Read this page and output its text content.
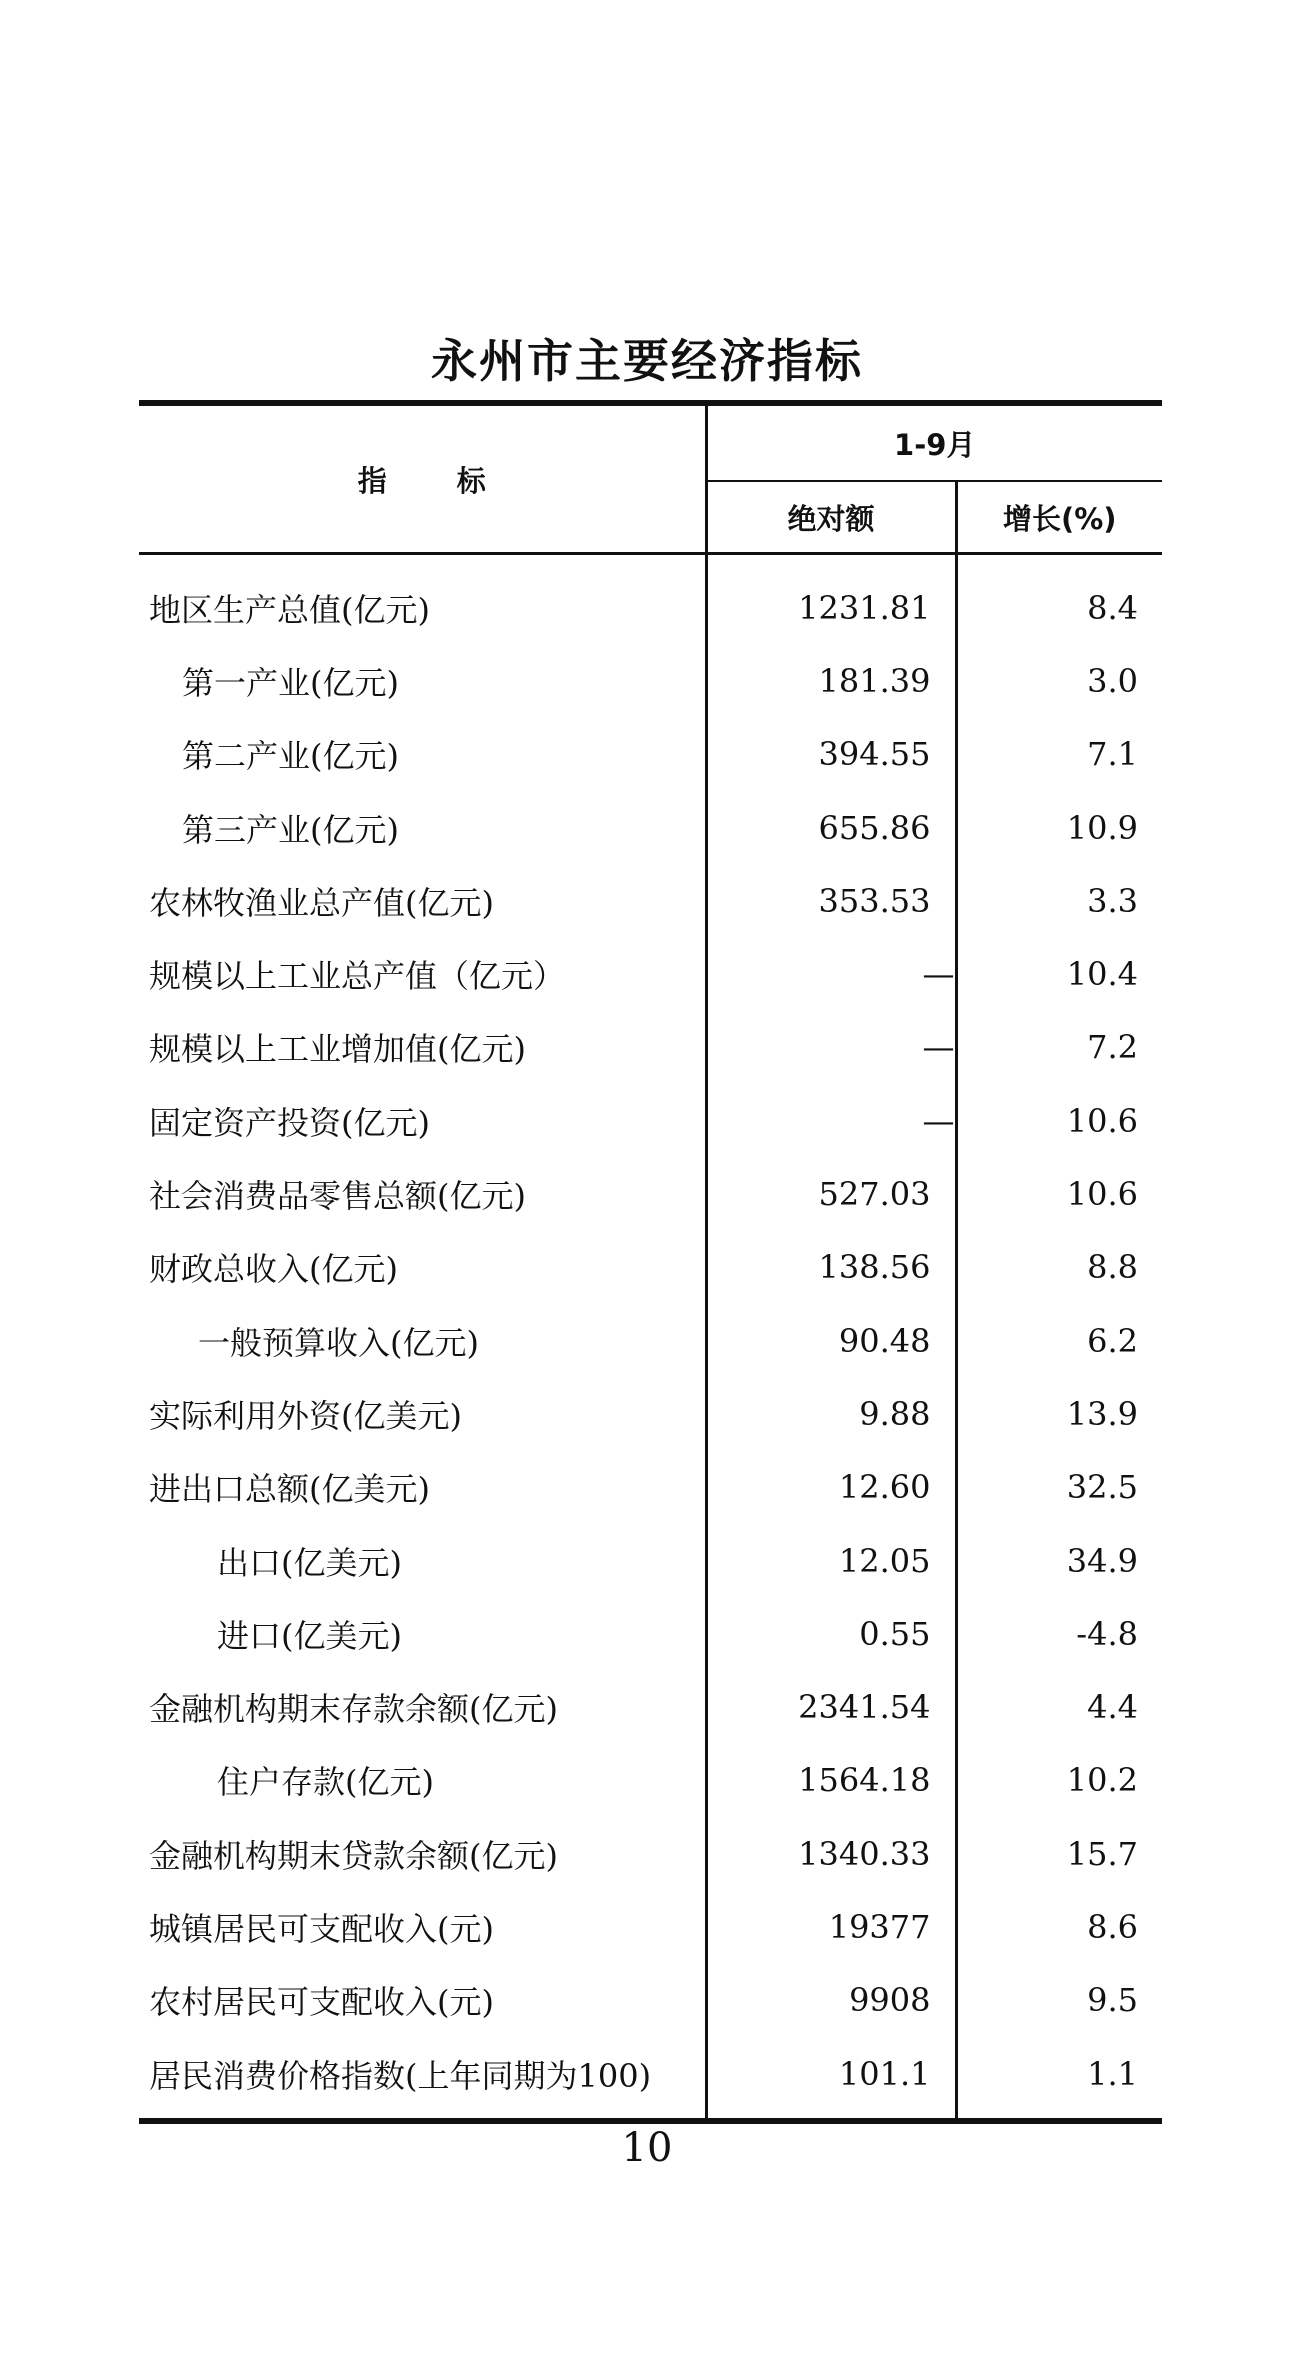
永州市主要经济指标
指 标	1-9月	
	绝对额	增长(%)
地区生产总值(亿元)	1231.81	8.4
第一产业(亿元)	181.39	3.0
第二产业(亿元)	394.55	7.1
第三产业(亿元)	655.86	10.9
农林牧渔业总产值(亿元)	353.53	3.3
规模以上工业总产值（亿元）	—	10.4
规模以上工业增加值(亿元)	—	7.2
固定资产投资(亿元)	—	10.6
社会消费品零售总额(亿元)	527.03	10.6
财政总收入(亿元)	138.56	8.8
一般预算收入(亿元)	90.48	6.2
实际利用外资(亿美元)	9.88	13.9
进出口总额(亿美元)	12.60	32.5
出口(亿美元)	12.05	34.9
进口(亿美元)	0.55	-4.8
金融机构期末存款余额(亿元)	2341.54	4.4
住户存款(亿元)	1564.18	10.2
金融机构期末贷款余额(亿元)	1340.33	15.7
城镇居民可支配收入(元)	19377	8.6
农村居民可支配收入(元)	9908	9.5
居民消费价格指数(上年同期为100)	101.1	1.1
10
